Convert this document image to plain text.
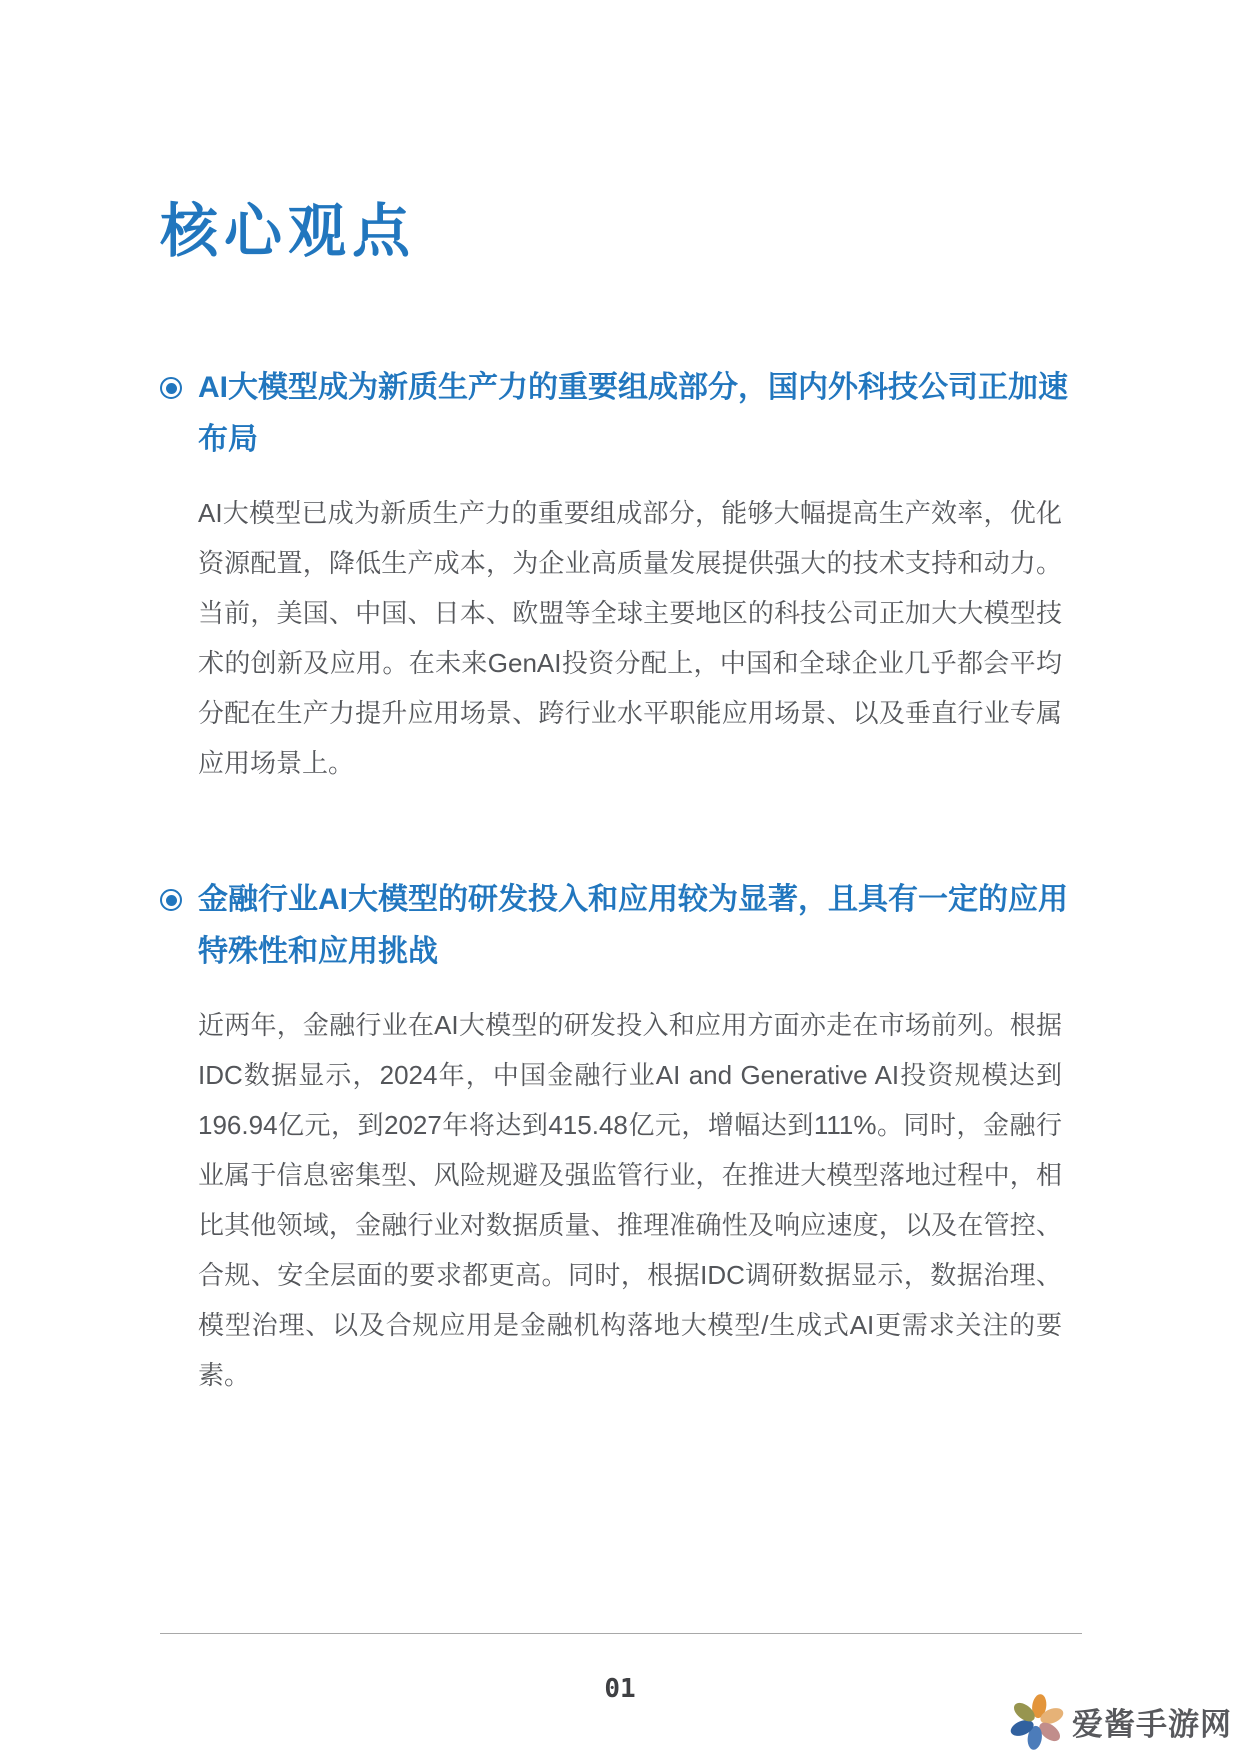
核心观点
AI大模型成为新质生产力的重要组成部分，国内外科技公司正加速布局

AI大模型已成为新质生产力的重要组成部分，能够大幅提高生产效率，优化资源配置，降低生产成本，为企业高质量发展提供强大的技术支持和动力。当前，美国、中国、日本、欧盟等全球主要地区的科技公司正加大大模型技术的创新及应用。在未来GenAI投资分配上，中国和全球企业几乎都会平均分配在生产力提升应用场景、跨行业水平职能应用场景、以及垂直行业专属应用场景上。

金融行业AI大模型的研发投入和应用较为显著，且具有一定的应用特殊性和应用挑战

近两年，金融行业在AI大模型的研发投入和应用方面亦走在市场前列。根据IDC数据显示，2024年，中国金融行业AI and Generative AI投资规模达到196.94亿元，到2027年将达到415.48亿元，增幅达到111%。同时，金融行业属于信息密集型、风险规避及强监管行业，在推进大模型落地过程中，相比其他领域，金融行业对数据质量、推理准确性及响应速度，以及在管控、合规、安全层面的要求都更高。同时，根据IDC调研数据显示，数据治理、模型治理、以及合规应用是金融机构落地大模型/生成式AI更需求关注的要素。

01
爱酱手游网
